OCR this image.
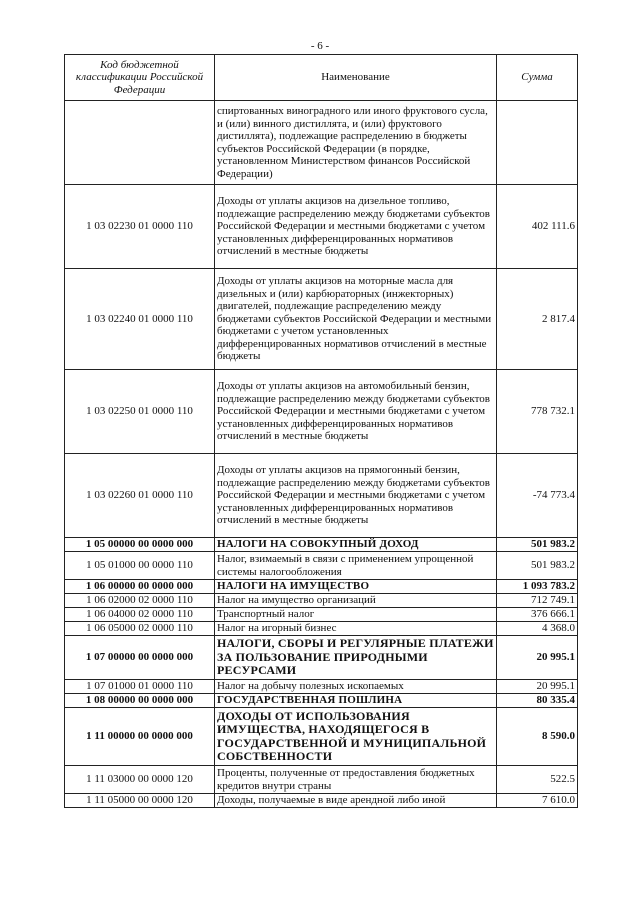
- 6 -
Код бюджетной классификации Российской Федерации	Наименование	Сумма
	спиртованных виноградного или иного фруктового сусла, и (или) винного дистиллята, и (или) фруктового дистиллята), подлежащие распределению в бюджеты субъектов Российской Федерации (в порядке, установленном Министерством финансов Российской Федерации)	
1 03 02230 01 0000 110	Доходы от уплаты акцизов на дизельное топливо, подлежащие распределению между бюджетами субъектов Российской Федерации и местными бюджетами с учетом установленных дифференцированных нормативов отчислений в местные бюджеты	402 111.6
1 03 02240 01 0000 110	Доходы от уплаты акцизов на моторные масла для дизельных и (или) карбюраторных (инжекторных) двигателей, подлежащие распределению между бюджетами субъектов Российской Федерации и местными бюджетами с учетом установленных дифференцированных нормативов отчислений в местные бюджеты	2 817.4
1 03 02250 01 0000 110	Доходы от уплаты акцизов на автомобильный бензин, подлежащие распределению между бюджетами субъектов Российской Федерации и местными бюджетами с учетом установленных дифференцированных нормативов отчислений в местные бюджеты	778 732.1
1 03 02260 01 0000 110	Доходы от уплаты акцизов на прямогонный бензин, подлежащие распределению между бюджетами субъектов Российской Федерации и местными бюджетами с учетом установленных дифференцированных нормативов отчислений в местные бюджеты	-74 773.4
1 05 00000 00 0000 000	НАЛОГИ НА СОВОКУПНЫЙ ДОХОД	501 983.2
1 05 01000 00 0000 110	Налог, взимаемый в связи с применением упрощенной системы налогообложения	501 983.2
1 06 00000 00 0000 000	НАЛОГИ НА ИМУЩЕСТВО	1 093 783.2
1 06 02000 02 0000 110	Налог на имущество организаций	712 749.1
1 06 04000 02 0000 110	Транспортный налог	376 666.1
1 06 05000 02 0000 110	Налог на игорный бизнес	4 368.0
1 07 00000 00 0000 000	НАЛОГИ, СБОРЫ И РЕГУЛЯРНЫЕ ПЛАТЕЖИ ЗА ПОЛЬЗОВАНИЕ ПРИРОДНЫМИ РЕСУРСАМИ	20 995.1
1 07 01000 01 0000 110	Налог на добычу полезных ископаемых	20 995.1
1 08 00000 00 0000 000	ГОСУДАРСТВЕННАЯ ПОШЛИНА	80 335.4
1 11 00000 00 0000 000	ДОХОДЫ ОТ ИСПОЛЬЗОВАНИЯ ИМУЩЕСТВА, НАХОДЯЩЕГОСЯ В ГОСУДАРСТВЕННОЙ И МУНИЦИПАЛЬНОЙ СОБСТВЕННОСТИ	8 590.0
1 11 03000 00 0000 120	Проценты, полученные от предоставления бюджетных кредитов внутри страны	522.5
1 11 05000 00 0000 120	Доходы, получаемые в виде арендной либо иной	7 610.0
